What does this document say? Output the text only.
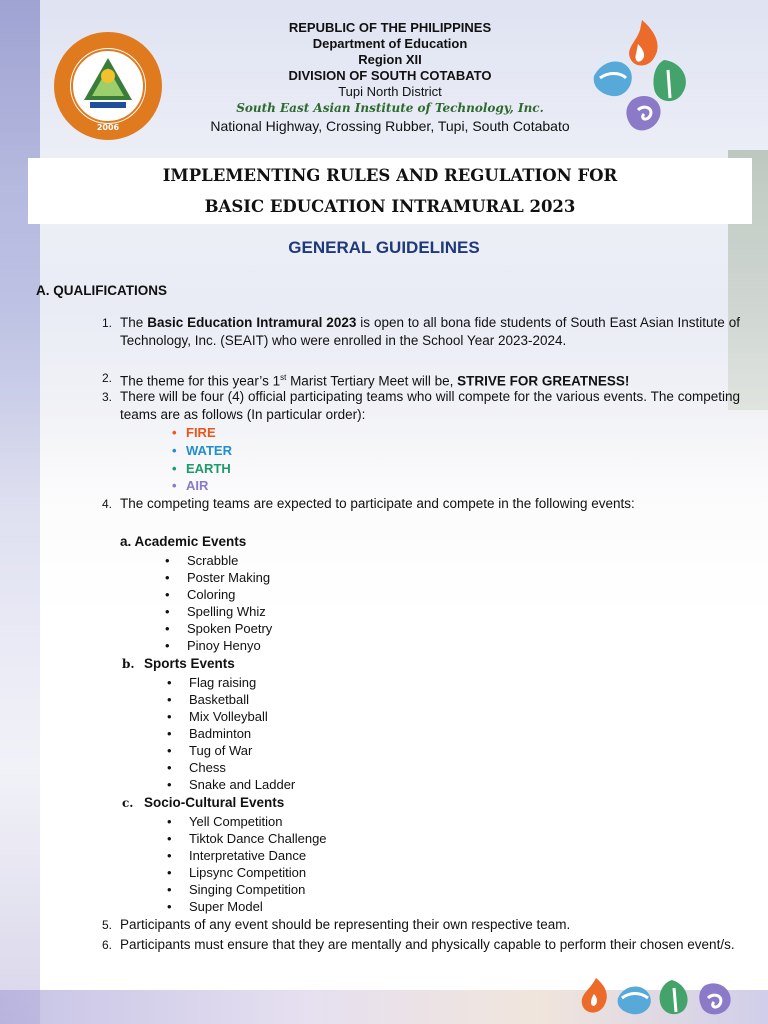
2006
REPUBLIC OF THE PHILIPPINES
Department of Education
Region XII
DIVISION OF SOUTH COTABATO
Tupi North District
South East Asian Institute of Technology, Inc.
National Highway, Crossing Rubber, Tupi, South Cotabato
IMPLEMENTING RULES AND REGULATION FOR
BASIC EDUCATION INTRAMURAL 2023
GENERAL GUIDELINES
A. QUALIFICATIONS
1. The Basic Education Intramural 2023 is open to all bona fide students of South East Asian Institute of Technology, Inc. (SEAIT) who were enrolled in the School Year 2023-2024.
2. The theme for this year’s 1st Marist Tertiary Meet will be, STRIVE FOR GREATNESS!
3. There will be four (4) official participating teams who will compete for the various events. The competing teams are as follows (In particular order):
• FIRE
• WATER
• EARTH
• AIR
4. The competing teams are expected to participate and compete in the following events:
a. Academic Events
• Scrabble
• Poster Making
• Coloring
• Spelling Whiz
• Spoken Poetry
• Pinoy Henyo
b. Sports Events
• Flag raising
• Basketball
• Mix Volleyball
• Badminton
• Tug of War
• Chess
• Snake and Ladder
c. Socio-Cultural Events
• Yell Competition
• Tiktok Dance Challenge
• Interpretative Dance
• Lipsync Competition
• Singing Competition
• Super Model
5. Participants of any event should be representing their own respective team.
6. Participants must ensure that they are mentally and physically capable to perform their chosen event/s.
